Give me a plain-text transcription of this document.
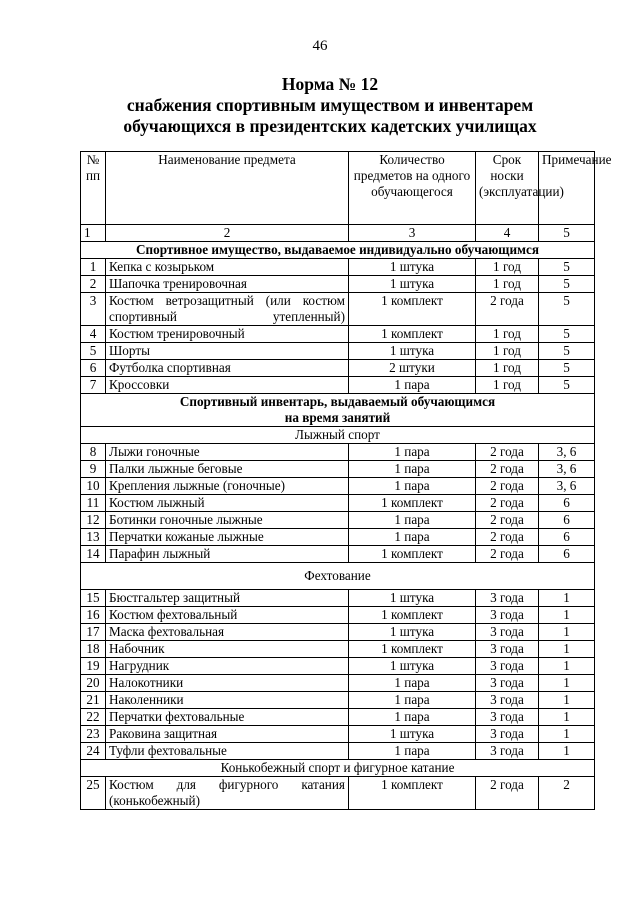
46
Норма № 12
снабжения спортивным имуществом и инвентарем
обучающихся в президентских кадетских училищах
№ пп	Наименование предмета	Количество предметов на одного обучающегося	Срок носки (эксплуатации)	Примечание
1	2	3	4	5
Спортивное имущество, выдаваемое индивидуально обучающимся				
1	Кепка с козырьком	1 штука	1 год	5
2	Шапочка тренировочная	1 штука	1 год	5
3	Костюм ветрозащитный (или костюм спортивный утепленный)	1 комплект	2 года	5
4	Костюм тренировочный	1 комплект	1 год	5
5	Шорты	1 штука	1 год	5
6	Футболка спортивная	2 штуки	1 год	5
7	Кроссовки	1 пара	1 год	5

Спортивный инвентарь, выдаваемый обучающимся
на время занятий				

Лыжный спорт				
8	Лыжи гоночные	1 пара	2 года	3, 6
9	Палки лыжные беговые	1 пара	2 года	3, 6
10	Крепления лыжные (гоночные)	1 пара	2 года	3, 6
11	Костюм лыжный	1 комплект	2 года	6
12	Ботинки гоночные лыжные	1 пара	2 года	6
13	Перчатки кожаные лыжные	1 пара	2 года	6
14	Парафин лыжный	1 комплект	2 года	6
Фехтование				
15	Бюстгальтер защитный	1 штука	3 года	1
16	Костюм фехтовальный	1 комплект	3 года	1
17	Маска фехтовальная	1 штука	3 года	1
18	Набочник	1 комплект	3 года	1
19	Нагрудник	1 штука	3 года	1
20	Налокотники	1 пара	3 года	1
21	Наколенники	1 пара	3 года	1
22	Перчатки фехтовальные	1 пара	3 года	1
23	Раковина защитная	1 штука	3 года	1
24	Туфли фехтовальные	1 пара	3 года	1
Конькобежный спорт и фигурное катание				
25	Костюм для фигурного катания (конькобежный)	1 комплект	2 года	2
